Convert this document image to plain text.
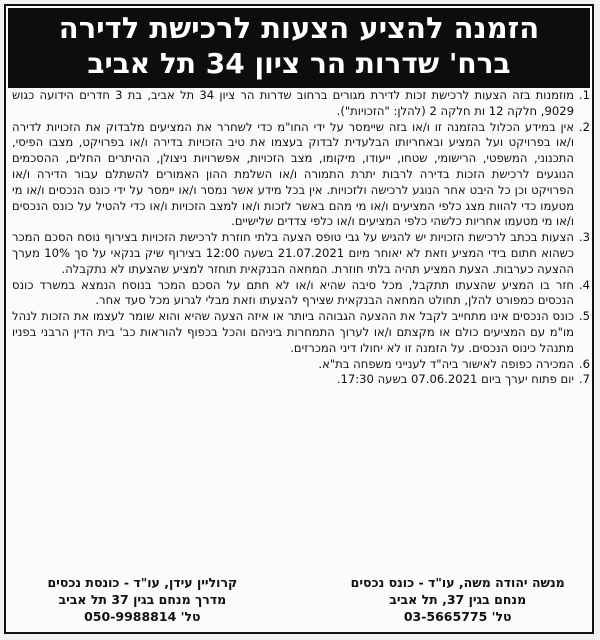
הזמנה להציע הצעות לרכישת לדירה
ברח' שדרות הר ציון 34 תל אביב
1.
מוזמנות בזה הצעות לרכישת זכות לדירת מגורים ברחוב שדרות הר ציון 34 תל אביב, בת 3 חדרים הידועה כגוש 9029, חלקה 12 ות חלקה 2 (להלן: "הזכויות").
2.
אין במידע הכלול בהזמנה זו ו/או בזה שיימסר על ידי החו"מ כדי לשחרר את המציעים מלבדוק את הזכויות לדירה ו/או בפרויקט ועל המציע ובאחריותו הבלעדית לבדוק בעצמו את טיב הזכויות בדירה ו/או בפרויקט, מצבו הפיסי, התכנוני, המשפטי, הרישומי, שטחו, ייעודו, מיקומו, מצב הזכויות, אפשרויות ניצולן, ההיתרים החלים, ההסכמים הנוגעים לרכישת הזכות בדירה לרבות יתרת התמורה ו/או השלמת ההון האמורים להשתלם עבור הדירה ו/או הפרויקט וכן כל היבט אחר הנוגע לרכישה ולזכויות. אין בכל מידע אשר נמסר ו/או יימסר על ידי כונס הנכסים ו/או מי מטעמו כדי להוות מצג כלפי המציעים ו/או מי מהם באשר לזכות ו/או למצב הזכויות ו/או כדי להטיל על כונס הנכסים ו/או מי מטעמו אחריות כלשהי כלפי המציעים ו/או כלפי צדדים שלישיים.
3.
הצעות בכתב לרכישת הזכויות יש להגיש על גבי טופס הצעה בלתי חוזרת לרכישת הזכויות בצירוף נוסח הסכם המכר כשהוא חתום בידי המציע וזאת לא יאוחר מיום 21.07.2021 בשעה 12:00 בצירוף שיק בנקאי על סך 10% מערך ההצעה כערבות. הצעת המציע תהיה בלתי חוזרת. המחאה הבנקאית תוחזר למציע שהצעתו לא נתקבלה.
4.
חזר בו המציע שהצעתו תתקבל, מכל סיבה שהיא ו/או לא חתם על הסכם המכר בנוסח הנמצא במשרד כונס הנכסים כמפורט להלן, תחולט המחאה הבנקאית שצירף להצעתו וזאת מבלי לגרוע מכל סעד אחר.
5.
כונס הנכסים אינו מתחייב לקבל את ההצעה הגבוהה ביותר או איזה הצעה שהיא והוא שומר לעצמו את הזכות לנהל מו"מ עם המציעים כולם או מקצתם ו/או לערוך התמחרות ביניהם והכל בכפוף להוראות כב' בית הדין הרבני בפניו מתנהל כינוס הנכסים. על הזמנה זו לא יחולו דיני המכרזים.
6.
המכירה כפופה לאישור ביה"ד לענייני משפחה בת"א.
7.
יום פתוח יערך ביום 07.06.2021 בשעה 17:30.
קרוליין עידן, עו"ד - כונסת נכסים
מדרך מנחם בגין 37 תל אביב
טל' 050-9988814
מנשה יהודה משה, עו"ד - כונס נכסים
מנחם בגין 37, תל אביב
טל' 03-5665775
